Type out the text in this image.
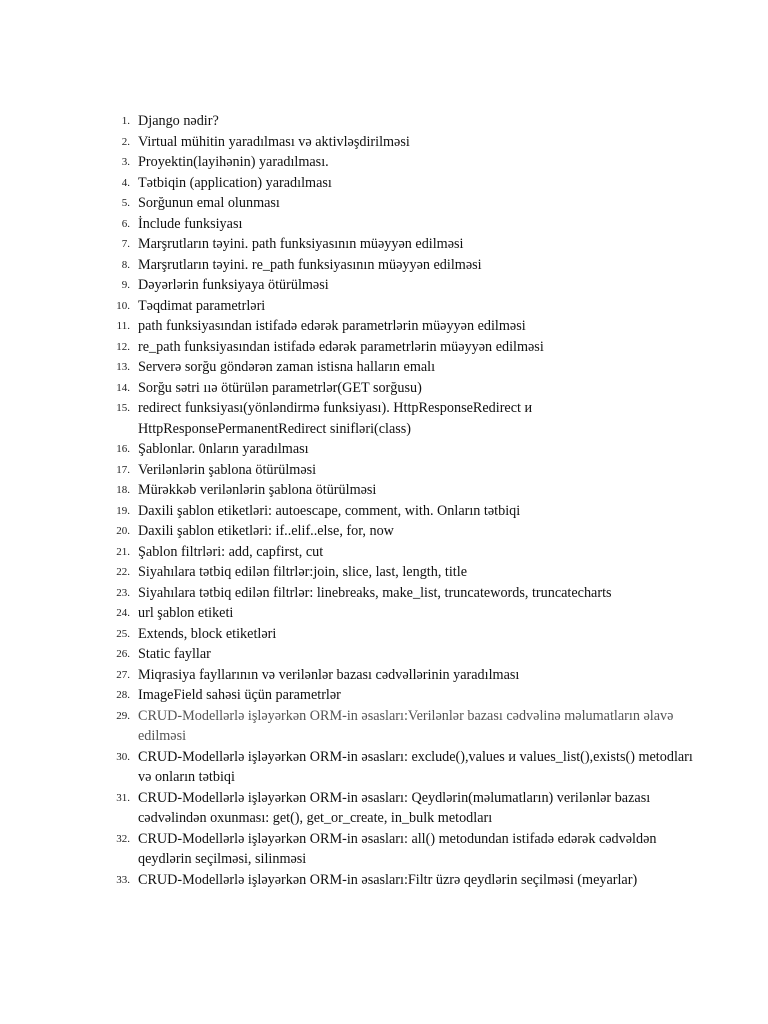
1. Django nədir?
2. Virtual mühitin yaradılması və aktivləşdirilməsi
3. Proyektin(layihənin) yaradılması.
4. Tətbiqin (application) yaradılması
5. Sorğunun emal olunması
6. İnclude funksiyası
7. Marşrutların təyini. path funksiyasının müəyyən edilməsi
8. Marşrutların təyini. re_path funksiyasının müəyyən edilməsi
9. Dəyərlərin funksiyaya ötürülməsi
10. Təqdimat parametrləri
11. path funksiyasından istifadə edərək parametrlərin müəyyən edilməsi
12. re_path funksiyasından istifadə edərək parametrlərin müəyyən edilməsi
13. Serverə sorğu göndərən zaman istisna halların emalı
14. Sorğu sətri ııə ötürülən parametrlər(GET sorğusu)
15. redirect funksiyası(yönləndirmə funksiyası). HttpResponseRedirect и HttpResponsePermanentRedirect sinifləri(class)
16. Şablonlar. 0nların yaradılması
17. Verilənlərin şablona ötürülməsi
18. Mürəkkəb verilənlərin şablona ötürülməsi
19. Daxili şablon etiketləri: autoescape, comment, with. Onların tətbiqi
20. Daxili şablon etiketləri: if..elif..else, for, now
21. Şablon filtrləri: add, capfirst, cut
22. Siyahılara tətbiq edilən filtrlər:join, slice, last, length, title
23. Siyahılara tətbiq edilən filtrlər: linebreaks, make_list, truncatewords, truncatecharts
24. url şablon etiketi
25. Extends, block etiketləri
26. Static fayllar
27. Miqrasiya fayllarının və verilənlər bazası cədvəllərinin yaradılması
28. ImageField sahəsi üçün parametrlər
29. CRUD-Modellərlə işləyərkən ORM-in əsasları:Verilənlər bazası cədvəlinə məlumatların əlavə edilməsi
30. CRUD-Modellərlə işləyərkən ORM-in əsasları: exclude(),values и values_list(),exists() metodları və onların tətbiqi
31. CRUD-Modellərlə işləyərkən ORM-in əsasları: Qeydlərin(məlumatların) verilənlər bazası cədvəlindən oxunması: get(), get_or_create, in_bulk metodları
32. CRUD-Modellərlə işləyərkən ORM-in əsasları: all() metodundan istifadə edərək cədvəldən qeydlərin seçilməsi, silinməsi
33. CRUD-Modellərlə işləyərkən ORM-in əsasları:Filtr üzrə qeydlərin seçilməsi (meyarlar)
